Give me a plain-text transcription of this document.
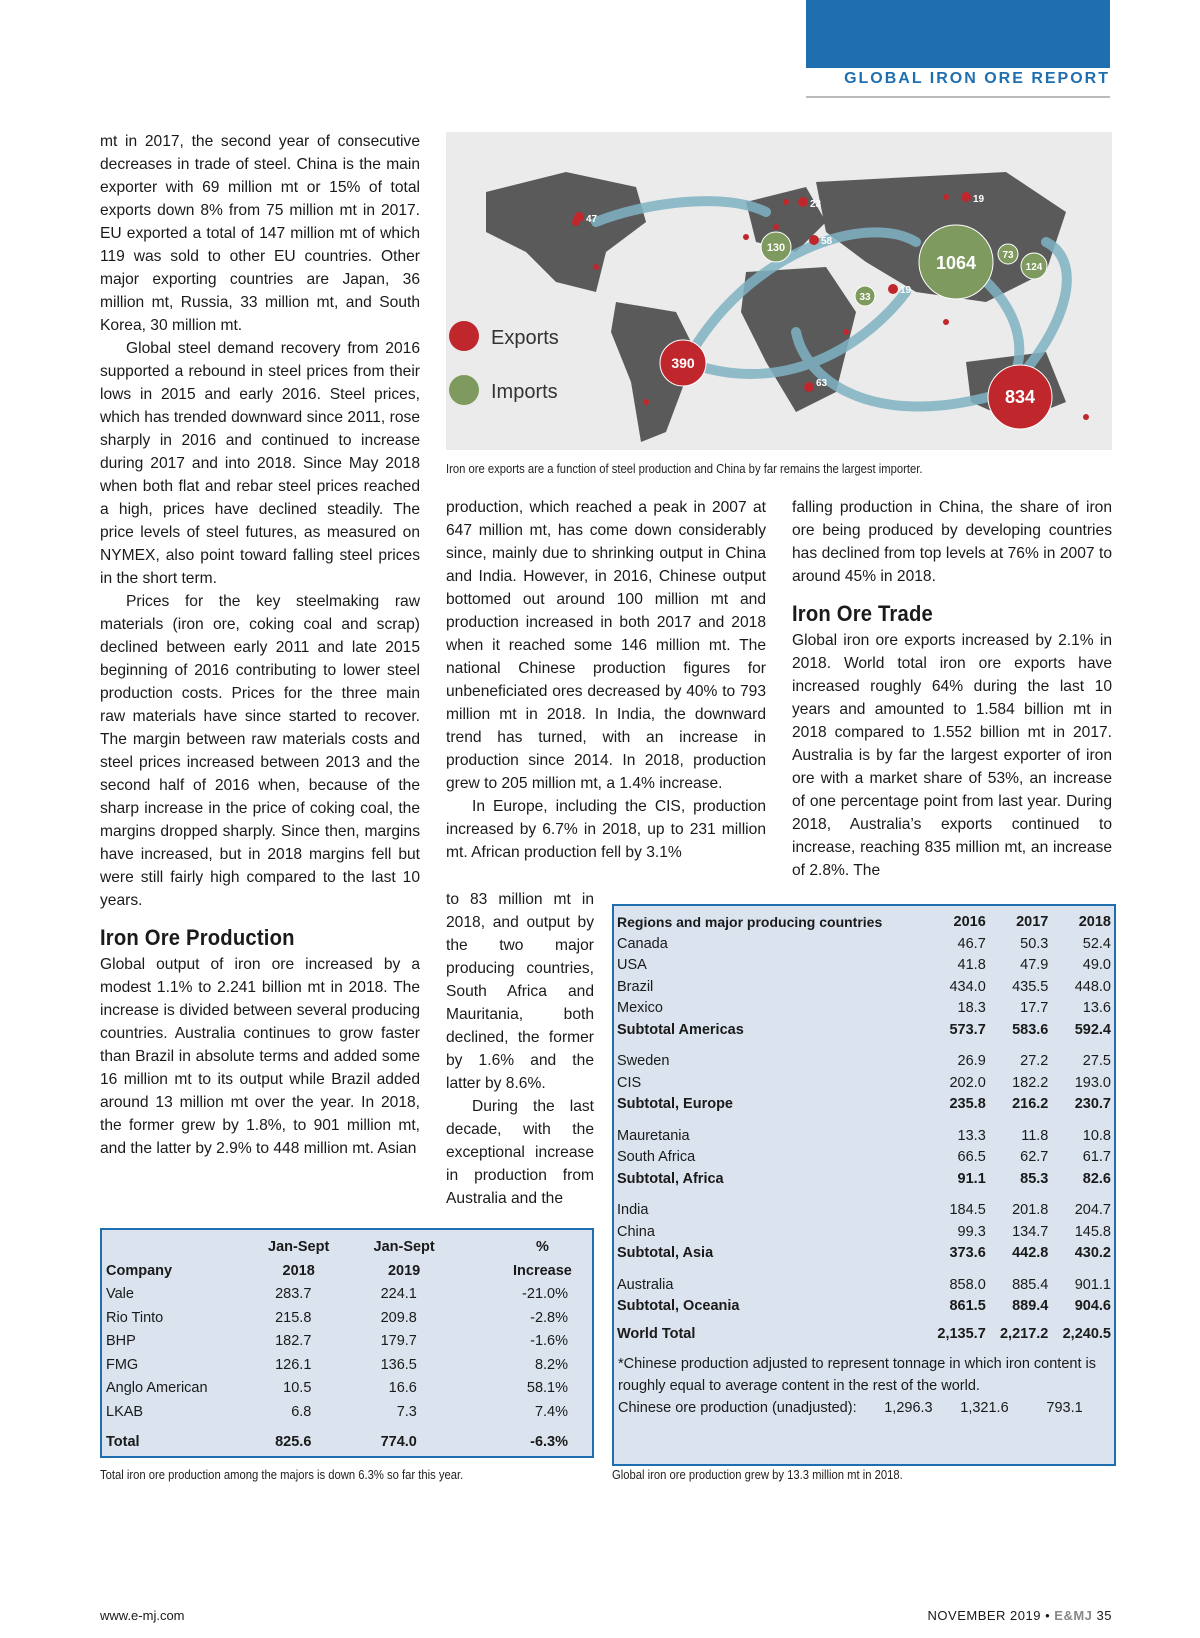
GLOBAL IRON ORE REPORT

mt in 2017, the second year of consecutive decreases in trade of steel. China is the main exporter with 69 million mt or 15% of total exports down 8% from 75 million mt in 2017. EU exported a total of 147 million mt of which 119 was sold to other EU countries. Other major exporting countries are Japan, 36 million mt, Russia, 33 million mt, and South Korea, 30 million mt.

Global steel demand recovery from 2016 supported a rebound in steel prices from their lows in 2015 and early 2016. Steel prices, which has trended downward since 2011, rose sharply in 2016 and continued to increase during 2017 and into 2018. Since May 2018 when both flat and rebar steel prices reached a high, prices have declined steadily. The price levels of steel futures, as measured on NYMEX, also point toward falling steel prices in the short term.

Prices for the key steelmaking raw materials (iron ore, coking coal and scrap) declined between early 2011 and late 2015 beginning of 2016 contributing to lower steel production costs. Prices for the three main raw materials have since started to recover. The margin between raw materials costs and steel prices increased between 2013 and the second half of 2016 when, because of the sharp increase in the price of coking coal, the margins dropped sharply. Since then, margins have increased, but in 2018 margins fell but were still fairly high compared to the last 10 years.

Iron Ore Production

Global output of iron ore increased by a modest 1.1% to 2.241 billion mt in 2018. The increase is divided between several producing countries. Australia continues to grow faster than Brazil in absolute terms and added some 16 million mt to its output while Brazil added around 13 million mt over the year. In 2018, the former grew by 1.8%, to 901 million mt, and the latter by 2.9% to 448 million mt. Asian

Exports
Imports
47
23	19
130
58
1064	73
124
33
19
390
63
834
Iron ore exports are a function of steel production and China by far remains the largest importer.

production, which reached a peak in 2007 at 647 million mt, has come down considerably since, mainly due to shrinking output in China and India. However, in 2016, Chinese output bottomed out around 100 million mt and production increased in both 2017 and 2018 when it reached some 146 million mt. The national Chinese production figures for unbeneficiated ores decreased by 40% to 793 million mt in 2018. In India, the downward trend has turned, with an increase in production since 2014. In 2018, production grew to 205 million mt, a 1.4% increase.

In Europe, including the CIS, production increased by 6.7% in 2018, up to 231 million mt. African production fell by 3.1%

to 83 million mt in 2018, and output by the two major producing countries, South Africa and Mauritania, both declined, the former by 1.6% and the latter by 8.6%.

During the last decade, with the exceptional increase in production from Australia and the

falling production in China, the share of iron ore being produced by developing countries has declined from top levels at 76% in 2007 to around 45% in 2018.

Iron Ore Trade

Global iron ore exports increased by 2.1% in 2018. World total iron ore exports have increased roughly 64% during the last 10 years and amounted to 1.584 billion mt in 2018 compared to 1.552 billion mt in 2017. Australia is by far the largest exporter of iron ore with a market share of 53%, an increase of one percentage point from last year. During 2018, Australia’s exports continued to increase, reaching 835 million mt, an increase of 2.8%. The

	Jan-Sept	Jan-Sept	%
Company	2018	2019	Increase
Vale	283.7	224.1	-21.0%
Rio Tinto	215.8	209.8	-2.8%
BHP	182.7	179.7	-1.6%
FMG	126.1	136.5	8.2%
Anglo American	10.5	16.6	58.1%
LKAB	6.8	7.3	7.4%
Total	825.6	774.0	-6.3%
Total iron ore production among the majors is down 6.3% so far this year.
Regions and major producing countries	2016	2017	2018
Canada	46.7	50.3	52.4
USA	41.8	47.9	49.0
Brazil	434.0	435.5	448.0
Mexico	18.3	17.7	13.6
Subtotal Americas	573.7	583.6	592.4
Sweden	26.9	27.2	27.5
CIS	202.0	182.2	193.0
Subtotal, Europe	235.8	216.2	230.7
Mauretania	13.3	11.8	10.8
South Africa	66.5	62.7	61.7
Subtotal, Africa	91.1	85.3	82.6
India	184.5	201.8	204.7
China	99.3	134.7	145.8
Subtotal, Asia	373.6	442.8	430.2
Australia	858.0	885.4	901.1
Subtotal, Oceania	861.5	889.4	904.6
World Total	2,135.7	2,217.2	2,240.5
*Chinese production adjusted to represent tonnage in which iron content is roughly equal to average content in the rest of the world.
Chinese ore production (unadjusted): 1,296.3 1,321.6	793.1
Global iron ore production grew by 13.3 million mt in 2018.
www.e-mj.com	NOVEMBER 2019 • E&MJ 35
